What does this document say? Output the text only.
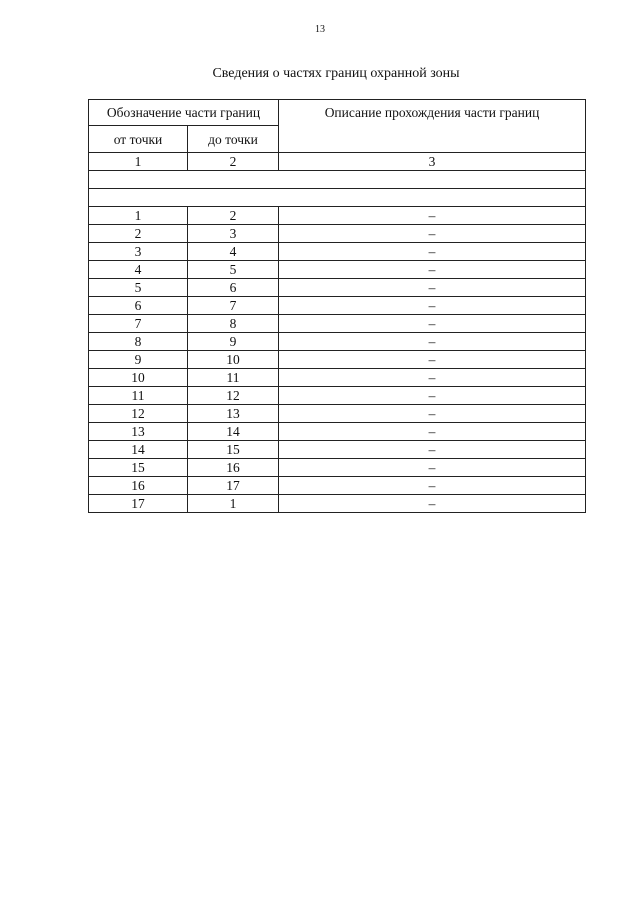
13
Сведения о частях границ охранной зоны
Обозначение части границ		Описание прохождения части границ
от точки	до точки	
1	2	3

1	2	–
2	3	–
3	4	–
4	5	–
5	6	–
6	7	–
7	8	–
8	9	–
9	10	–
10	11	–
11	12	–
12	13	–
13	14	–
14	15	–
15	16	–
16	17	–
17	1	–
